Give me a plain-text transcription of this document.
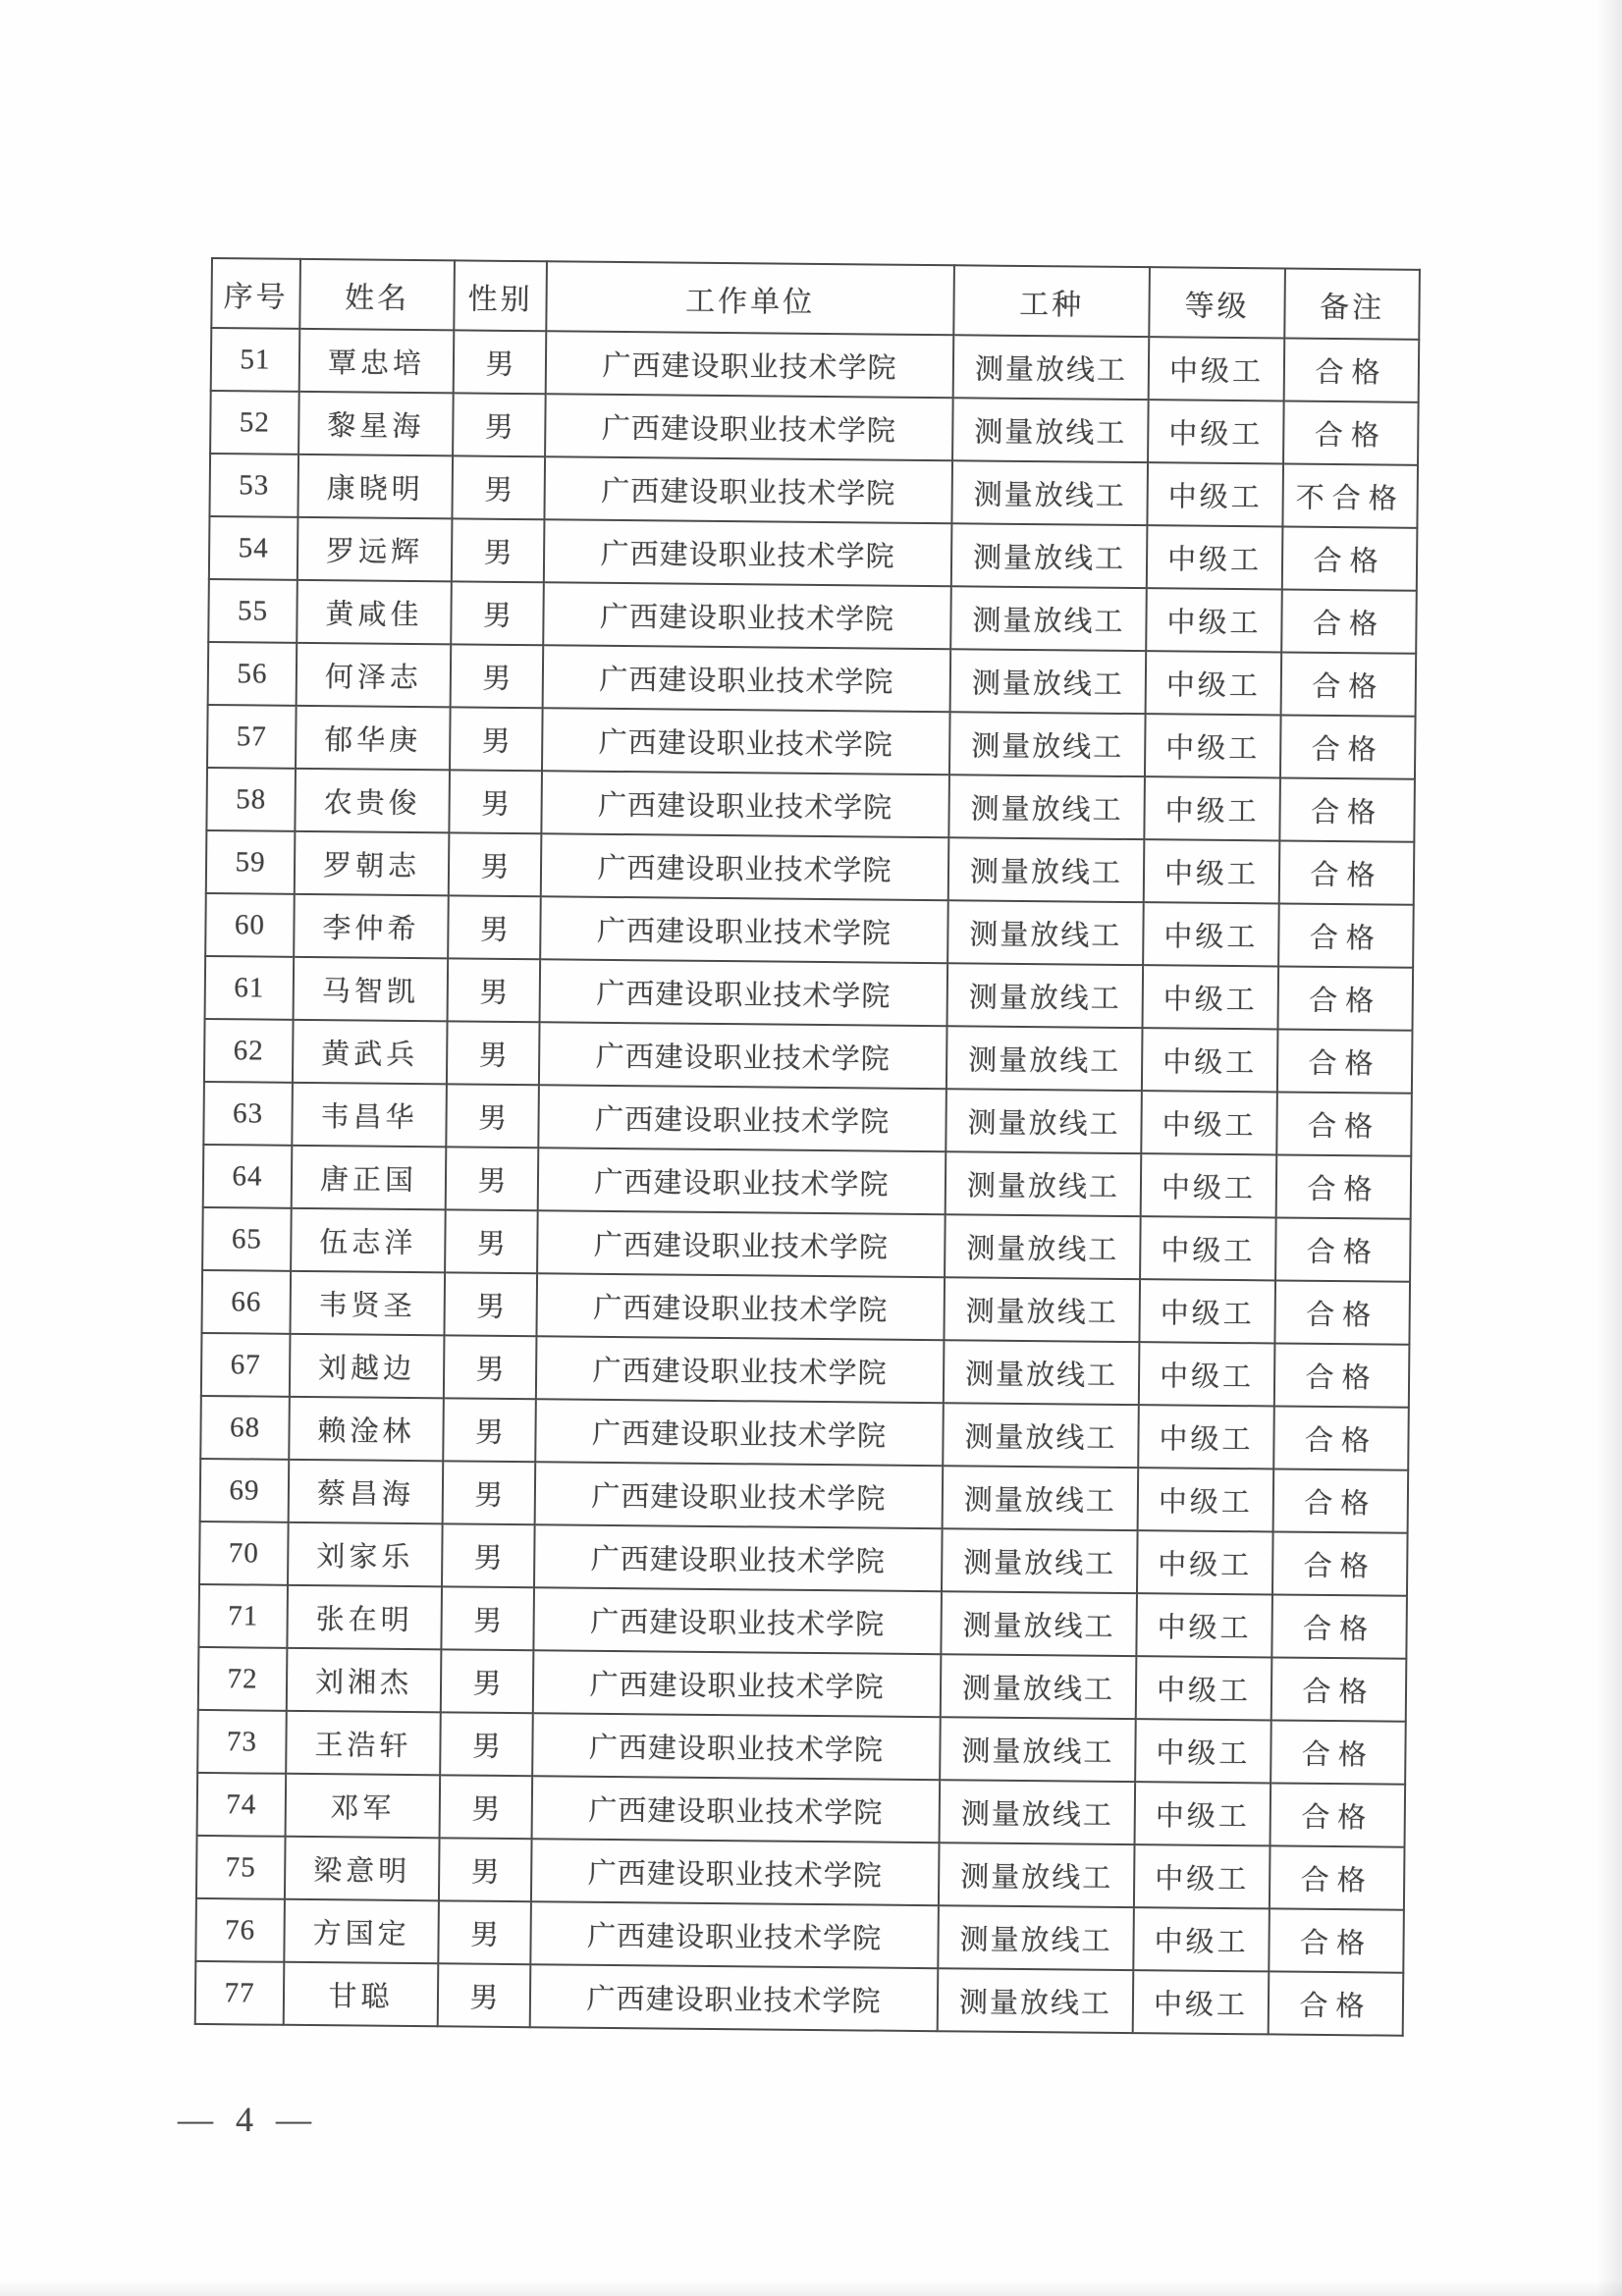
序号	姓名	性别	工作单位	工种	等级	备注
51	覃忠培	男	广西建设职业技术学院	测量放线工	中级工	合格
52	黎星海	男	广西建设职业技术学院	测量放线工	中级工	合格
53	康晓明	男	广西建设职业技术学院	测量放线工	中级工	不合格
54	罗远辉	男	广西建设职业技术学院	测量放线工	中级工	合格
55	黄咸佳	男	广西建设职业技术学院	测量放线工	中级工	合格
56	何泽志	男	广西建设职业技术学院	测量放线工	中级工	合格
57	郁华庚	男	广西建设职业技术学院	测量放线工	中级工	合格
58	农贵俊	男	广西建设职业技术学院	测量放线工	中级工	合格
59	罗朝志	男	广西建设职业技术学院	测量放线工	中级工	合格
60	李仲希	男	广西建设职业技术学院	测量放线工	中级工	合格
61	马智凯	男	广西建设职业技术学院	测量放线工	中级工	合格
62	黄武兵	男	广西建设职业技术学院	测量放线工	中级工	合格
63	韦昌华	男	广西建设职业技术学院	测量放线工	中级工	合格
64	唐正国	男	广西建设职业技术学院	测量放线工	中级工	合格
65	伍志洋	男	广西建设职业技术学院	测量放线工	中级工	合格
66	韦贤圣	男	广西建设职业技术学院	测量放线工	中级工	合格
67	刘越边	男	广西建设职业技术学院	测量放线工	中级工	合格
68	赖淦林	男	广西建设职业技术学院	测量放线工	中级工	合格
69	蔡昌海	男	广西建设职业技术学院	测量放线工	中级工	合格
70	刘家乐	男	广西建设职业技术学院	测量放线工	中级工	合格
71	张在明	男	广西建设职业技术学院	测量放线工	中级工	合格
72	刘湘杰	男	广西建设职业技术学院	测量放线工	中级工	合格
73	王浩轩	男	广西建设职业技术学院	测量放线工	中级工	合格
74	邓军	男	广西建设职业技术学院	测量放线工	中级工	合格
75	梁意明	男	广西建设职业技术学院	测量放线工	中级工	合格
76	方国定	男	广西建设职业技术学院	测量放线工	中级工	合格
77	甘聪	男	广西建设职业技术学院	测量放线工	中级工	合格
— 4 —
